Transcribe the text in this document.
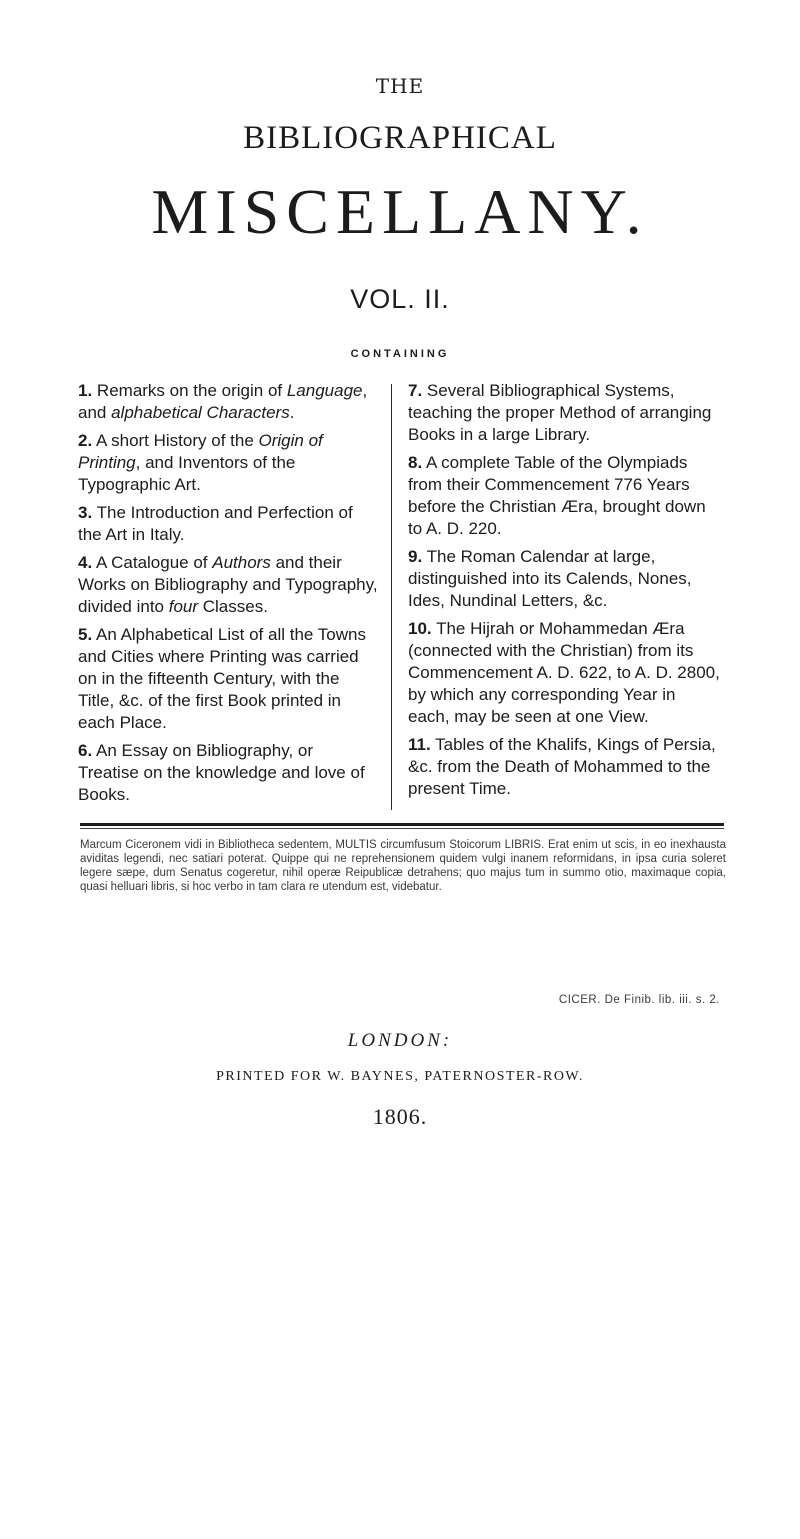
THE
BIBLIOGRAPHICAL
MISCELLANY.
VOL. II.
CONTAINING
1. Remarks on the origin of Language, and alphabetical Characters.
2. A short History of the Origin of Printing, and Inventors of the Typographic Art.
3. The Introduction and Perfection of the Art in Italy.
4. A Catalogue of Authors and their Works on Bibliography and Typography, divided into four Classes.
5. An Alphabetical List of all the Towns and Cities where Printing was carried on in the fifteenth Century, with the Title, &c. of the first Book printed in each Place.
6. An Essay on Bibliography, or Treatise on the knowledge and love of Books.
7. Several Bibliographical Systems, teaching the proper Method of arranging Books in a large Library.
8. A complete Table of the Olympiads from their Commencement 776 Years before the Christian Æra, brought down to A. D. 220.
9. The Roman Calendar at large, distinguished into its Calends, Nones, Ides, Nundinal Letters, &c.
10. The Hijrah or Mohammedan Æra (connected with the Christian) from its Commencement A. D. 622, to A. D. 2800, by which any corresponding Year in each, may be seen at one View.
11. Tables of the Khalifs, Kings of Persia, &c. from the Death of Mohammed to the present Time.
Marcum Ciceronem vidi in Bibliotheca sedentem, MULTIS circumfusum Stoicorum LIBRIS. Erat enim ut scis, in eo inexhausta aviditas legendi, nec satiari poterat. Quippe qui ne reprehensionem quidem vulgi inanem reformidans, in ipsa curia soleret legere sæpe, dum Senatus cogeretur, nihil operæ Reipublicæ detrahens; quo majus tum in summo otio, maximaque copia, quasi helluari libris, si hoc verbo in tam clara re utendum est, videbatur.
CICER. De Finib. lib. iii. s. 2.
LONDON:
PRINTED FOR W. BAYNES, PATERNOSTER-ROW.
1806.
